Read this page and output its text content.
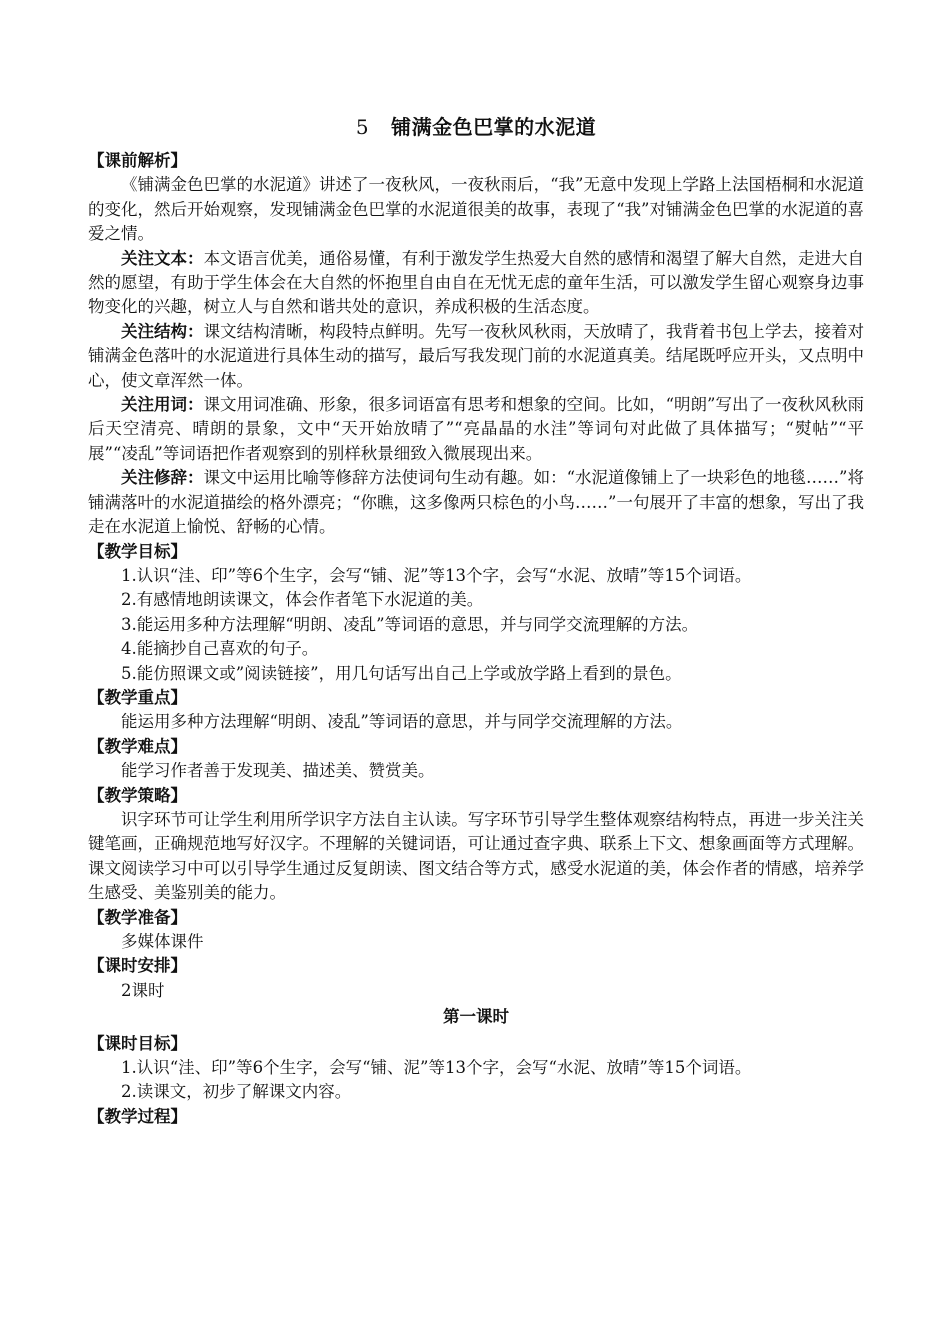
5 铺满金色巴掌的水泥道
【课前解析】

《铺满金色巴掌的水泥道》讲述了一夜秋风，一夜秋雨后，“我”无意中发现上学路上法国梧桐和水泥道的变化，然后开始观察，发现铺满金色巴掌的水泥道很美的故事，表现了“我”对铺满金色巴掌的水泥道的喜爱之情。

关注文本：本文语言优美，通俗易懂，有利于激发学生热爱大自然的感情和渴望了解大自然，走进大自然的愿望，有助于学生体会在大自然的怀抱里自由自在无忧无虑的童年生活，可以激发学生留心观察身边事物变化的兴趣，树立人与自然和谐共处的意识，养成积极的生活态度。

关注结构：课文结构清晰，构段特点鲜明。先写一夜秋风秋雨，天放晴了，我背着书包上学去，接着对铺满金色落叶的水泥道进行具体生动的描写，最后写我发现门前的水泥道真美。结尾既呼应开头，又点明中心，使文章浑然一体。

关注用词：课文用词准确、形象，很多词语富有思考和想象的空间。比如，“明朗”写出了一夜秋风秋雨后天空清亮、晴朗的景象，文中“天开始放晴了”“亮晶晶的水洼”等词句对此做了具体描写；“熨帖”“平展”“凌乱”等词语把作者观察到的别样秋景细致入微展现出来。

关注修辞：课文中运用比喻等修辞方法使词句生动有趣。如：“水泥道像铺上了一块彩色的地毯……”将铺满落叶的水泥道描绘的格外漂亮；“你瞧，这多像两只棕色的小鸟……”一句展开了丰富的想象，写出了我走在水泥道上愉悦、舒畅的心情。

【教学目标】

1.认识“洼、印”等6个生字，会写“铺、泥”等13个字，会写“水泥、放晴”等15个词语。

2.有感情地朗读课文，体会作者笔下水泥道的美。

3.能运用多种方法理解“明朗、凌乱”等词语的意思，并与同学交流理解的方法。

4.能摘抄自己喜欢的句子。

5.能仿照课文或”阅读链接”，用几句话写出自己上学或放学路上看到的景色。

【教学重点】

能运用多种方法理解“明朗、凌乱”等词语的意思，并与同学交流理解的方法。

【教学难点】

能学习作者善于发现美、描述美、赞赏美。

【教学策略】

识字环节可让学生利用所学识字方法自主认读。写字环节引导学生整体观察结构特点，再进一步关注关键笔画，正确规范地写好汉字。不理解的关键词语，可让通过查字典、联系上下文、想象画面等方式理解。课文阅读学习中可以引导学生通过反复朗读、图文结合等方式，感受水泥道的美，体会作者的情感，培养学生感受、美鉴别美的能力。

【教学准备】

多媒体课件

【课时安排】

2课时

第一课时
【课时目标】

1.认识“洼、印”等6个生字，会写“铺、泥”等13个字，会写“水泥、放晴”等15个词语。

2.读课文，初步了解课文内容。

【教学过程】
